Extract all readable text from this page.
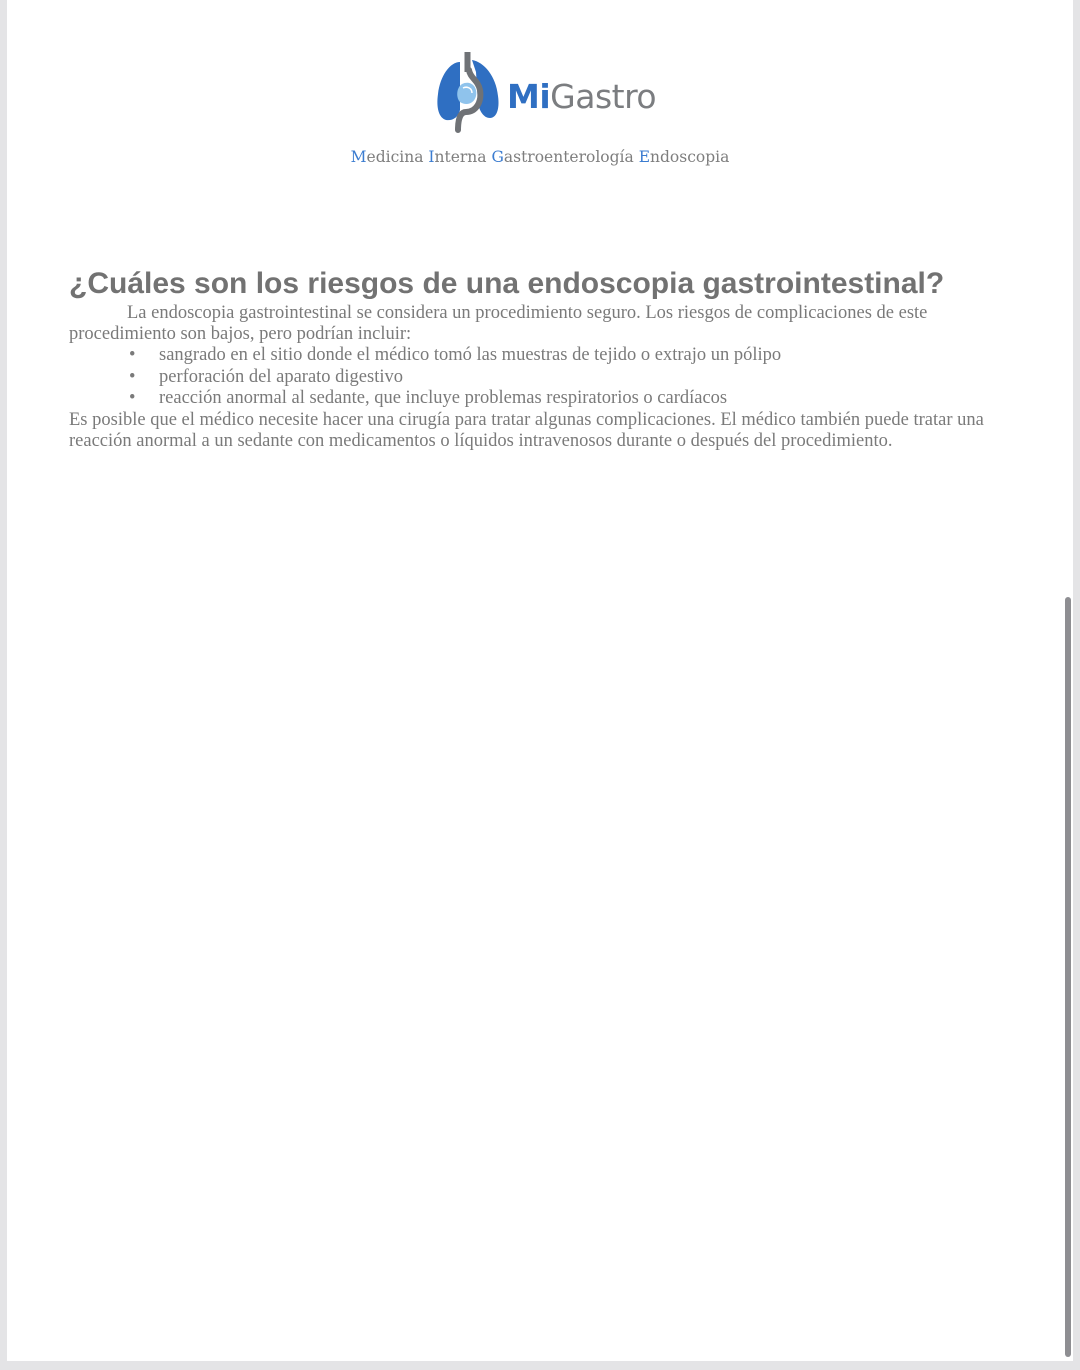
MiGastro
Medicina Interna Gastroenterología Endoscopia
¿Cuáles son los riesgos de una endoscopia gastrointestinal?

La endoscopia gastrointestinal se considera un procedimiento seguro. Los riesgos de complicaciones de este procedimiento son bajos, pero podrían incluir:

• sangrado en el sitio donde el médico tomó las muestras de tejido o extrajo un pólipo
• perforación del aparato digestivo
• reacción anormal al sedante, que incluye problemas respiratorios o cardíacos

Es posible que el médico necesite hacer una cirugía para tratar algunas complicaciones. El médico también puede tratar una reacción anormal a un sedante con medicamentos o líquidos intravenosos durante o después del procedimiento.
